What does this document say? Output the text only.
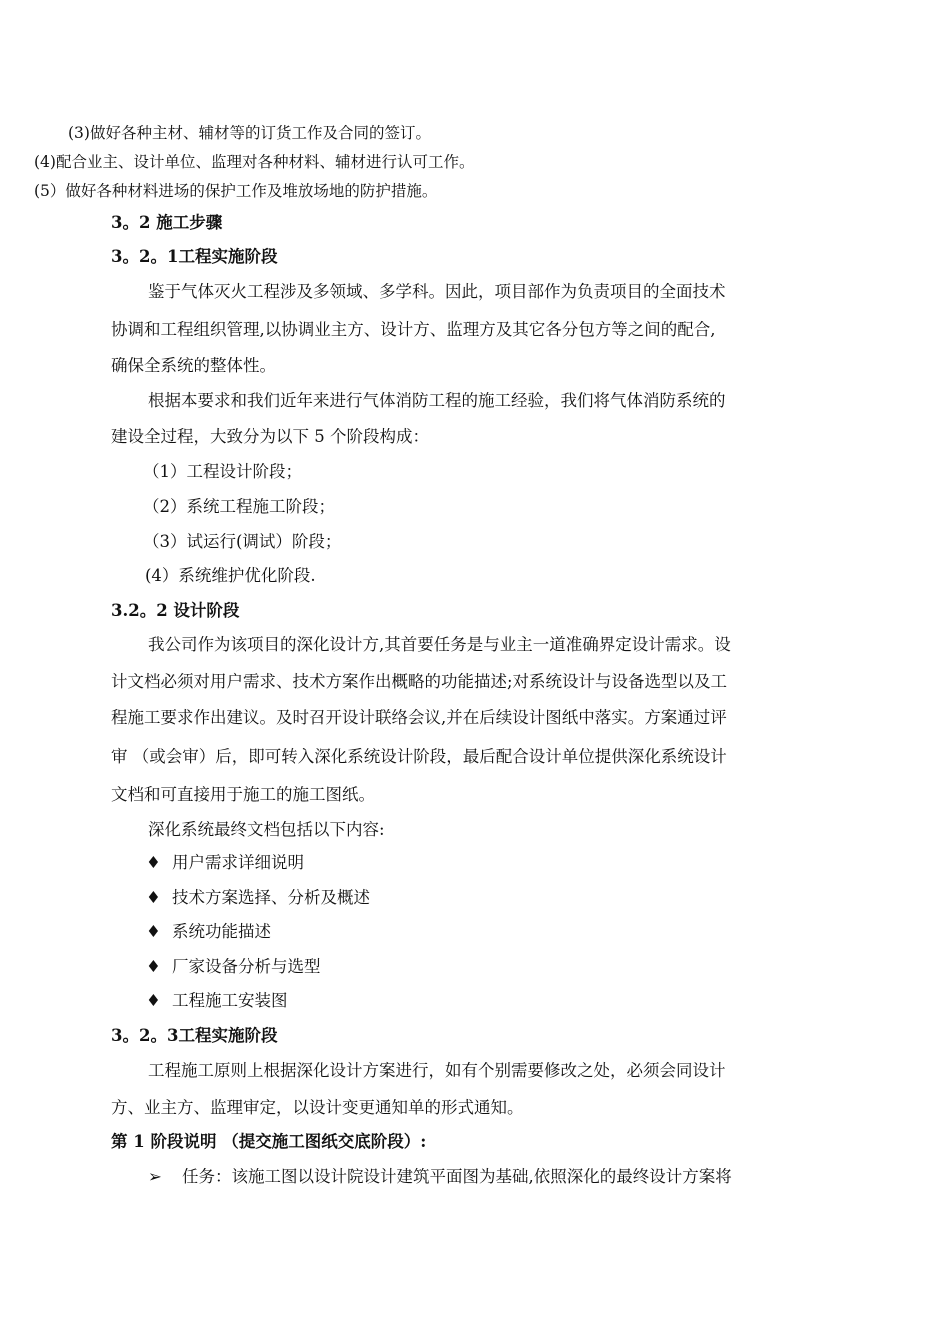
(3)做好各种主材、辅材等的订货工作及合同的签订。
(4)配合业主、设计单位、监理对各种材料、辅材进行认可工作。
(5）做好各种材料进场的保护工作及堆放场地的防护措施。
3。2 施工步骤
3。2。1工程实施阶段
鉴于气体灭火工程涉及多领域、多学科。因此，项目部作为负责项目的全面技术
协调和工程组织管理,以协调业主方、设计方、监理方及其它各分包方等之间的配合,
确保全系统的整体性。
根据本要求和我们近年来进行气体消防工程的施工经验，我们将气体消防系统的
建设全过程，大致分为以下 5 个阶段构成：
（1）工程设计阶段；
（2）系统工程施工阶段；
（3）试运行(调试）阶段；
(4）系统维护优化阶段.
3.2。2 设计阶段
我公司作为该项目的深化设计方,其首要任务是与业主一道准确界定设计需求。设
计文档必须对用户需求、技术方案作出概略的功能描述;对系统设计与设备选型以及工
程施工要求作出建议。及时召开设计联络会议,并在后续设计图纸中落实。方案通过评
审 （或会审）后，即可转入深化系统设计阶段，最后配合设计单位提供深化系统设计
文档和可直接用于施工的施工图纸。
深化系统最终文档包括以下内容:
♦ 用户需求详细说明
♦ 技术方案选择、分析及概述
♦ 系统功能描述
♦ 厂家设备分析与选型
♦ 工程施工安装图
3。2。3工程实施阶段
工程施工原则上根据深化设计方案进行，如有个别需要修改之处，必须会同设计
方、业主方、监理审定，以设计变更通知单的形式通知。
第 1 阶段说明 （提交施工图纸交底阶段）:
➢ 任务：该施工图以设计院设计建筑平面图为基础,依照深化的最终设计方案将
